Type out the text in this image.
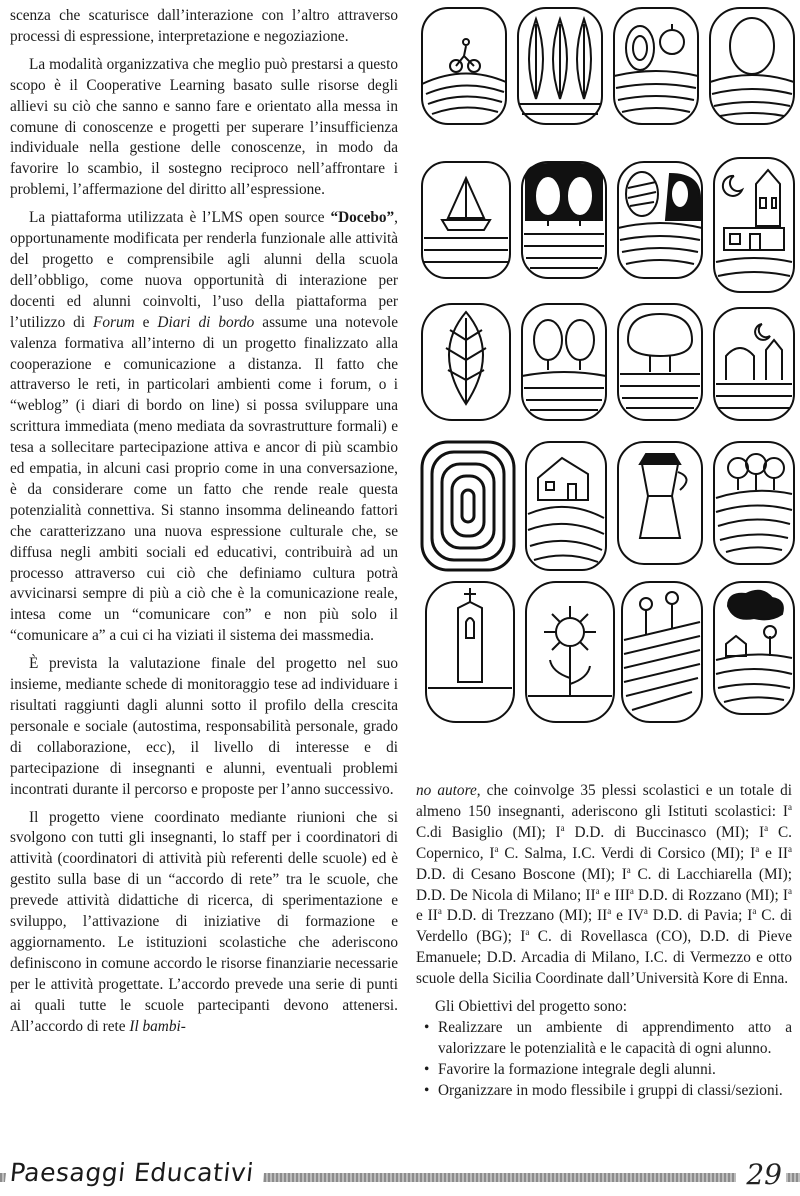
scenza che scaturisce dall’interazione con l’altro attraverso processi di espressione, interpretazione e negoziazione.

La modalità organizzativa che meglio può prestarsi a questo scopo è il Cooperative Learning basato sulle risorse degli allievi su ciò che sanno e sanno fare e orientato alla messa in comune di conoscenze e progetti per superare l’insufficienza individuale nella gestione delle conoscenze, in modo da favorire lo scambio, il sostegno reciproco nell’affrontare i problemi, l’affermazione del diritto all’espressione.

La piattaforma utilizzata è l’LMS open source “Docebo”, opportunamente modificata per renderla funzionale alle attività del progetto e comprensibile agli alunni della scuola dell’obbligo, come nuova opportunità di interazione per docenti ed alunni coinvolti, l’uso della piattaforma per l’utilizzo di Forum e Diari di bordo assume una notevole valenza formativa all’interno di un progetto finalizzato alla cooperazione e comunicazione a distanza. Il fatto che attraverso le reti, in particolari ambienti come i forum, o i “weblog” (i diari di bordo on line) si possa sviluppare una scrittura immediata (meno mediata da sovrastrutture formali) e tesa a sollecitare partecipazione attiva e ancor di più scambio ed empatia, in alcuni casi proprio come in una conversazione, è da considerare come un fatto che rende reale questa potenzialità connettiva. Si stanno insomma delineando fattori che caratterizzano una nuova espressione culturale che, se diffusa negli ambiti sociali ed educativi, contribuirà ad un processo attraverso cui ciò che definiamo cultura potrà avvicinarsi sempre di più a ciò che è la comunicazione reale, intesa come un “comunicare con” e non più solo il “comunicare a” a cui ci ha viziati il sistema dei massmedia.

È prevista la valutazione finale del progetto nel suo insieme, mediante schede di monitoraggio tese ad individuare i risultati raggiunti dagli alunni sotto il profilo della crescita personale e sociale (autostima, responsabilità personale, grado di collaborazione, ecc), il livello di interesse e di partecipazione di insegnanti e alunni, eventuali problemi incontrati durante il percorso e proposte per l’anno successivo.

Il progetto viene coordinato mediante riunioni che si svolgono con tutti gli insegnanti, lo staff per i coordinatori di attività (coordinatori di attività più referenti delle scuole) ed è gestito sulla base di un “accordo di rete” tra le scuole, che prevede attività didattiche di ricerca, di sperimentazione e sviluppo, l’attivazione di iniziative di formazione e aggiornamento. Le istituzioni scolastiche che aderiscono definiscono in comune accordo le risorse finanziarie necessarie per le attività progettate. L’accordo prevede una serie di punti ai quali tutte le scuole partecipanti devono attenersi. All’accordo di rete Il bambi-

no autore, che coinvolge 35 plessi scolastici e un totale di almeno 150 insegnanti, aderiscono gli Istituti scolastici: $I^a$ C.di Basiglio (MI); $I^a$ D.D. di Buccinasco (MI); $I^a$ C. Copernico, $I^a$ C. Salma, I.C. Verdi di Corsico (MI); $I^a$ e $II^a$ D.D. di Cesano Boscone (MI); $I^a$ C. di Lacchiarella (MI); D.D. De Nicola di Milano; $II^a$ e III$^a$ D.D. di Rozzano (MI); $I^a$ e $II^a$ D.D. di Trezzano (MI); $II^a$ e $IV^a$ D.D. di Pavia; $I^a$ C. di Verdello (BG); $I^a$ C. di Rovellasca (CO), D.D. di Pieve Emanuele; D.D. Arcadia di Milano, I.C. di Vermezzo e otto scuole della Sicilia Coordinate dall’Università Kore di Enna.

Gli Obiettivi del progetto sono:

• Realizzare un ambiente di apprendimento atto a valorizzare le potenzialità e le capacità di ogni alunno.
• Favorire la formazione integrale degli alunni.
• Organizzare in modo flessibile i gruppi di classi/sezioni.
Paesaggi Educativi	29
